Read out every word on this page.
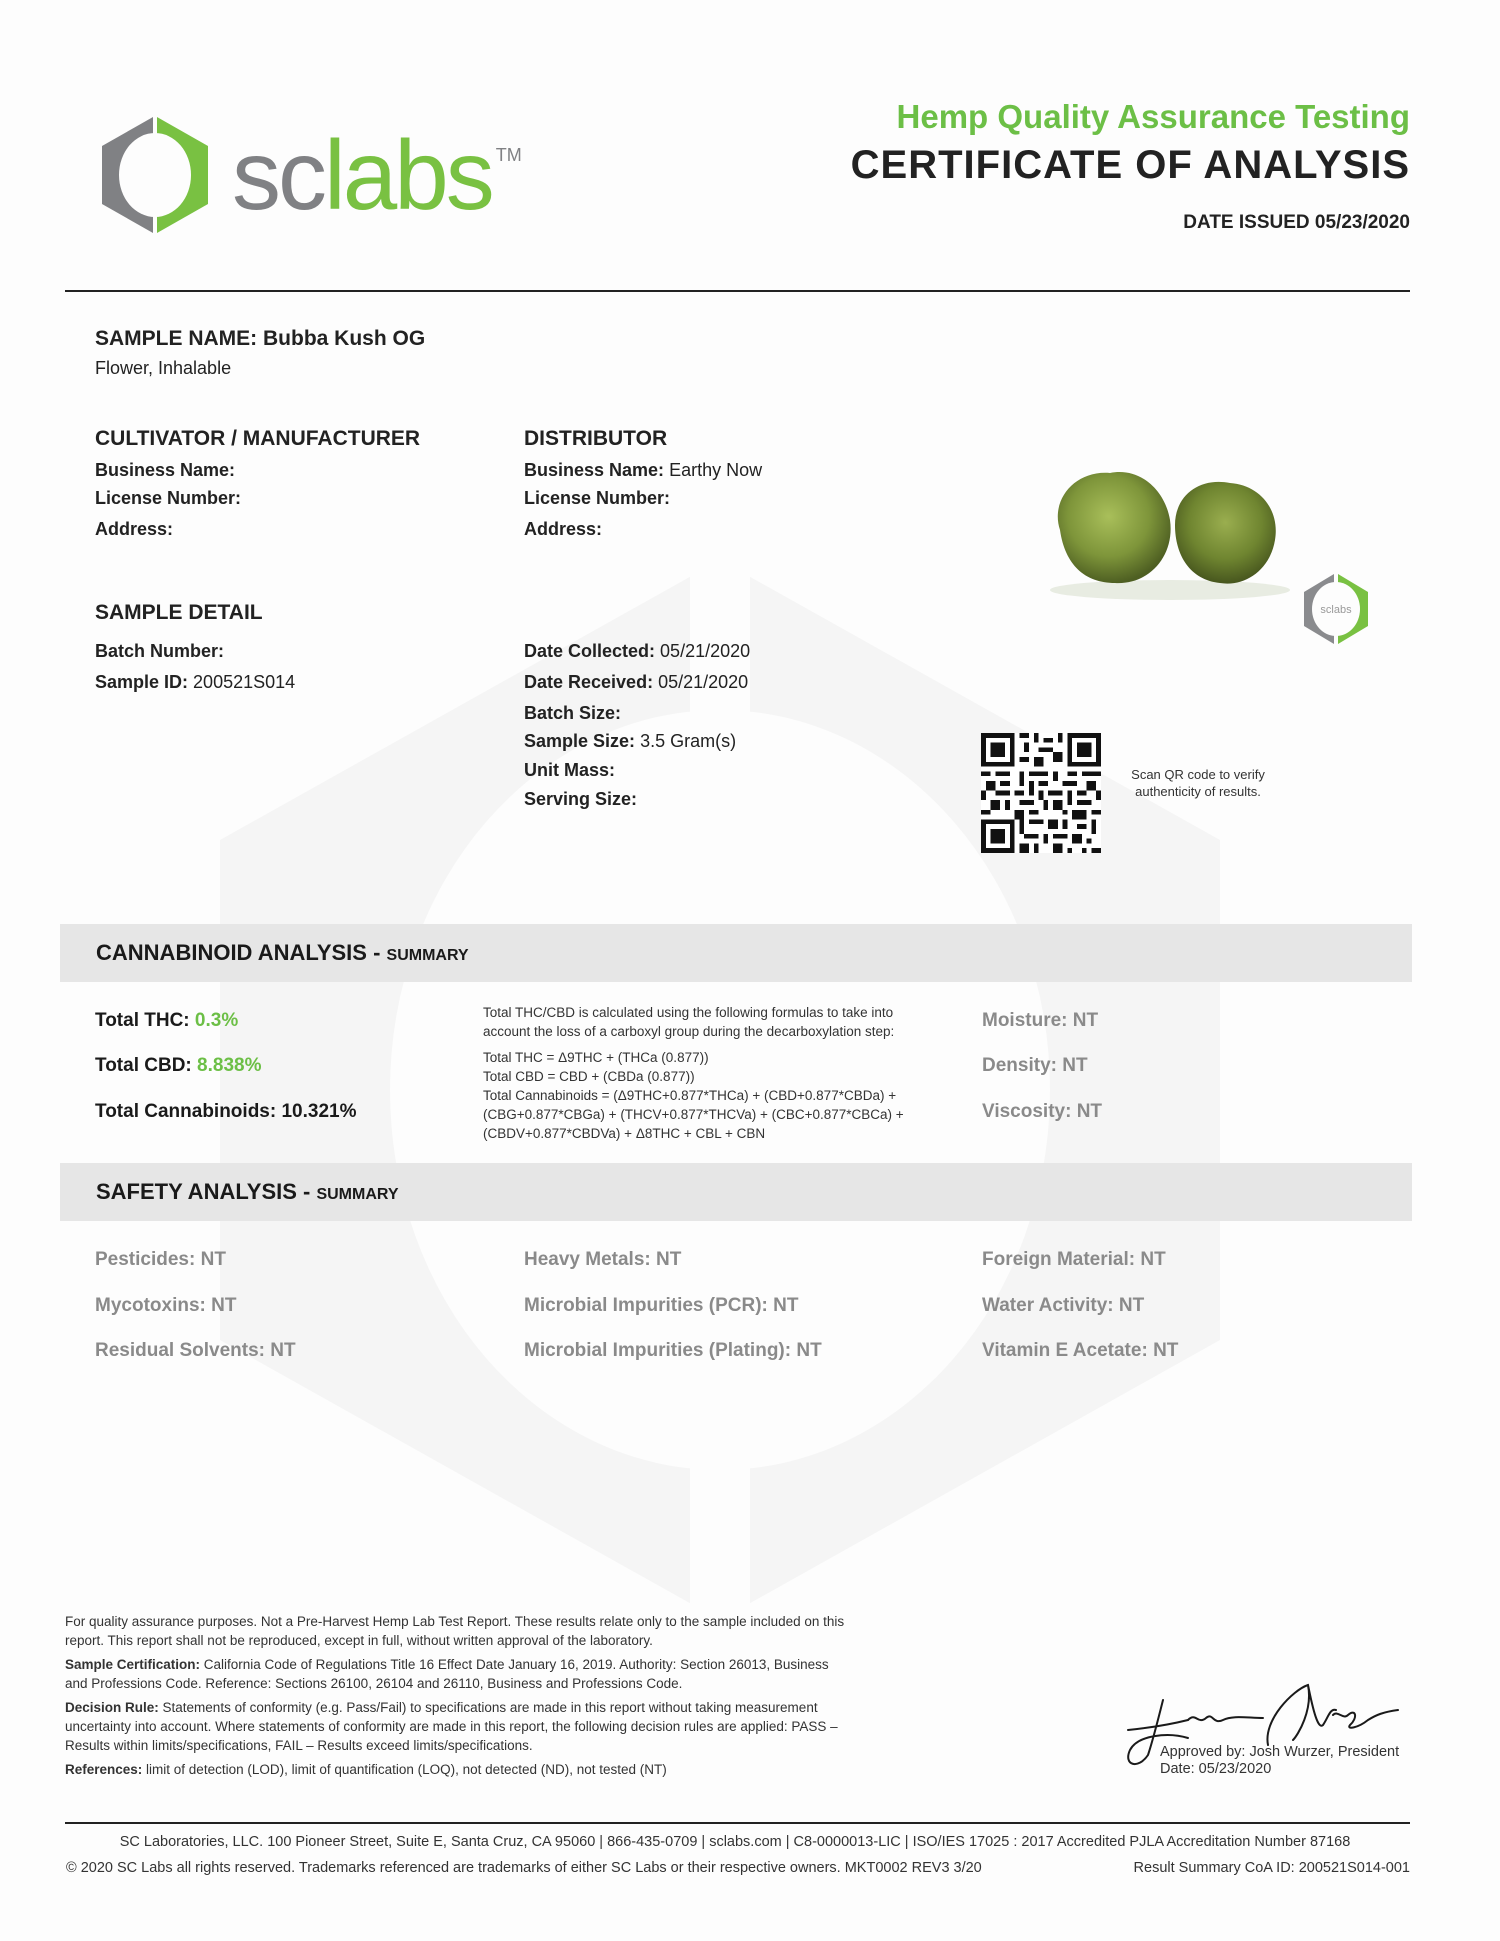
sclabs ™
Hemp Quality Assurance Testing
CERTIFICATE OF ANALYSIS
DATE ISSUED 05/23/2020
SAMPLE NAME: Bubba Kush OG
Flower, Inhalable
CULTIVATOR / MANUFACTURER
Business Name:
License Number:
Address:
DISTRIBUTOR
Business Name: Earthy Now
License Number:
Address:
sclabs
SAMPLE DETAIL
Batch Number:
Sample ID: 200521S014
Date Collected: 05/21/2020
Date Received: 05/21/2020
Batch Size:
Sample Size: 3.5 Gram(s)
Unit Mass:
Serving Size:
Scan QR code to verify
authenticity of results.
CANNABINOID ANALYSIS - SUMMARY
Total THC: 0.3%
Total CBD: 8.838%
Total Cannabinoids: 10.321%
Total THC/CBD is calculated using the following formulas to take into
account the loss of a carboxyl group during the decarboxylation step:
Total THC = Δ9THC + (THCa (0.877))
Total CBD = CBD + (CBDa (0.877))
Total Cannabinoids = (Δ9THC+0.877*THCa) + (CBD+0.877*CBDa) +
(CBG+0.877*CBGa) + (THCV+0.877*THCVa) + (CBC+0.877*CBCa) +
(CBDV+0.877*CBDVa) + Δ8THC + CBL + CBN
Moisture: NT
Density: NT
Viscosity: NT
SAFETY ANALYSIS - SUMMARY
Pesticides: NT	Heavy Metals: NT	Foreign Material: NT
Mycotoxins: NT	Microbial Impurities (PCR): NT	Water Activity: NT
Residual Solvents: NT	Microbial Impurities (Plating): NT	Vitamin E Acetate: NT

For quality assurance purposes. Not a Pre-Harvest Hemp Lab Test Report. These results relate only to the sample included on this report. This report shall not be reproduced, except in full, without written approval of the laboratory.

Sample Certification: California Code of Regulations Title 16 Effect Date January 16, 2019. Authority: Section 26013, Business and Professions Code. Reference: Sections 26100, 26104 and 26110, Business and Professions Code.

Decision Rule: Statements of conformity (e.g. Pass/Fail) to specifications are made in this report without taking measurement uncertainty into account. Where statements of conformity are made in this report, the following decision rules are applied: PASS – Results within limits/specifications, FAIL – Results exceed limits/specifications.

References: limit of detection (LOD), limit of quantification (LOQ), not detected (ND), not tested (NT)

Approved by: Josh Wurzer, President
Date: 05/23/2020
SC Laboratories, LLC. 100 Pioneer Street, Suite E, Santa Cruz, CA 95060 | 866-435-0709 | sclabs.com | C8-0000013-LIC | ISO/IES 17025 : 2017 Accredited PJLA Accreditation Number 87168
© 2020 SC Labs all rights reserved. Trademarks referenced are trademarks of either SC Labs or their respective owners. MKT0002 REV3 3/20	Result Summary CoA ID: 200521S014-001
